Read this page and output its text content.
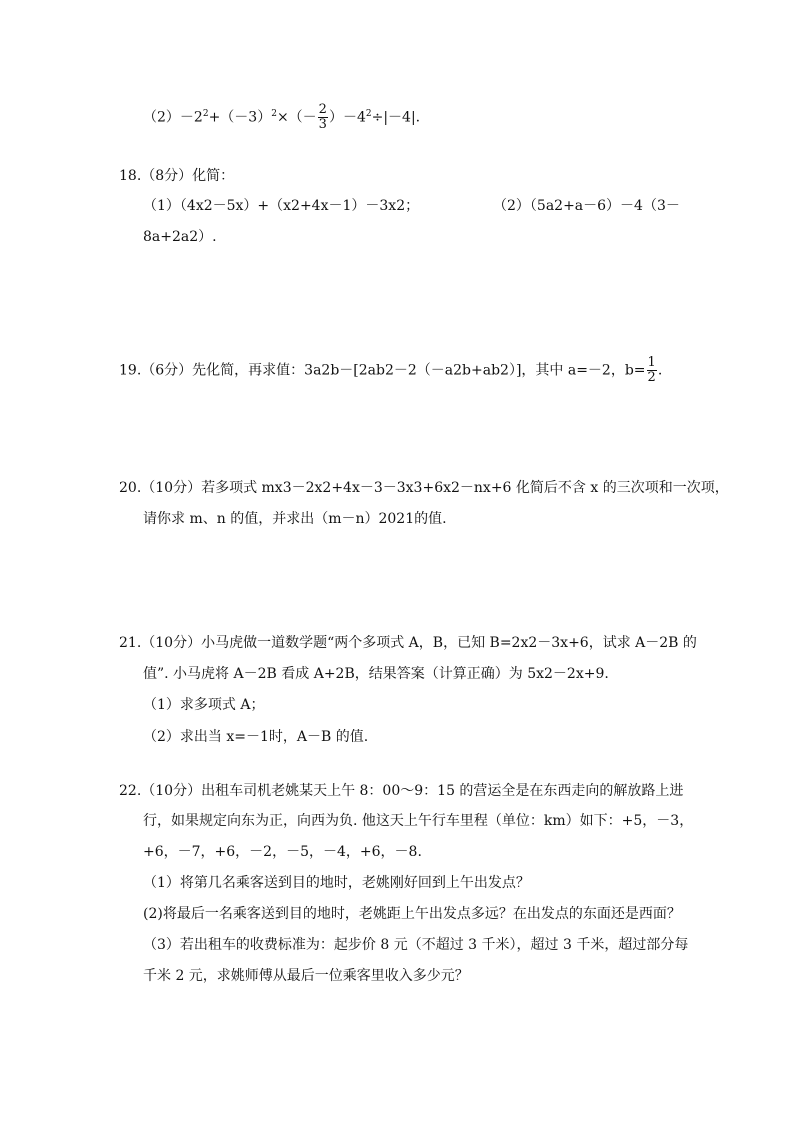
$(2)-2^2+(-3)^2\times(- \frac{2}{3} )-4^2\div|-4|$.
18.（8分）化简：
（1）（4x2－5x）+（x2+4x－1）－3x2；	（2）（5a2+a－6）－4（3－
8a+2a2）.
19.（6分）先化简，再求值：3a2b－[2ab2－2（－a2b+ab2）]，其中 a=－2，$b= \frac{1}{2}$ .
20.（10分）若多项式 mx3－2x2+4x－3－3x3+6x2－nx+6 化简后不含 x 的三次项和一次项，
请你求 m、n 的值，并求出（m－n）2021的值.
21.（10分）小马虎做一道数学题“两个多项式 A，B，已知 B=2x2－3x+6，试求 A－2B 的
值”. 小马虎将 A－2B 看成 A+2B，结果答案（计算正确）为 5x2－2x+9.
（1）求多项式 A；
（2）求出当 x=－1时，A－B 的值.
22.（10分）出租车司机老姚某天上午 8：00～9：15 的营运全是在东西走向的解放路上进
行，如果规定向东为正，向西为负. 他这天上午行车里程（单位：km）如下：+5，－3，
+6，－7，+6，－2，－5，－4，+6，－8.
（1）将第几名乘客送到目的地时，老姚刚好回到上午出发点？
(2)将最后一名乘客送到目的地时，老姚距上午出发点多远？在出发点的东面还是西面？
（3）若出租车的收费标准为：起步价 8 元（不超过 3 千米），超过 3 千米，超过部分每
千米 2 元，求姚师傅从最后一位乘客里收入多少元？
